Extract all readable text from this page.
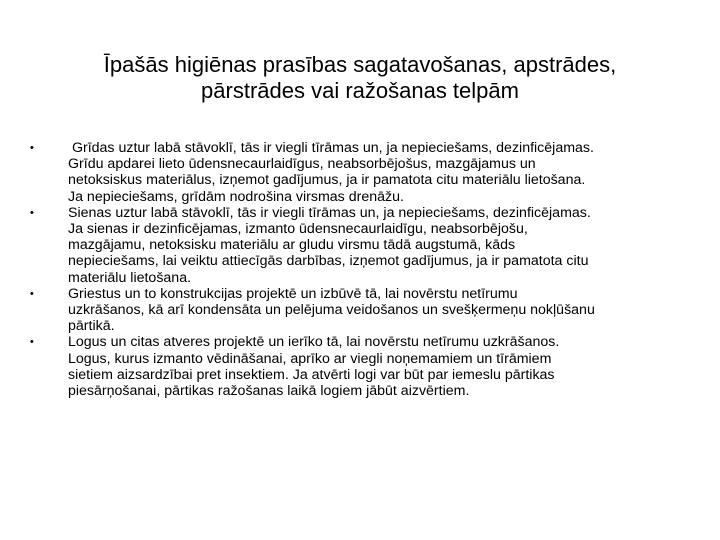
Īpašās higiēnas prasības sagatavošanas, apstrādes,
pārstrādes vai ražošanas telpām
•	Grīdas uztur labā stāvoklī, tās ir viegli tīrāmas un, ja nepieciešams, dezinficējamas.
Grīdu apdarei lieto ūdensnecaurlaidīgus, neabsorbējošus, mazgājamus un
netoksiskus materiālus, izņemot gadījumus, ja ir pamatota citu materiālu lietošana.
Ja nepieciešams, grīdām nodrošina virsmas drenāžu.
•	Sienas uztur labā stāvoklī, tās ir viegli tīrāmas un, ja nepieciešams, dezinficējamas.
Ja sienas ir dezinficējamas, izmanto ūdensnecaurlaidīgu, neabsorbējošu,
mazgājamu, netoksisku materiālu ar gludu virsmu tādā augstumā, kāds
nepieciešams, lai veiktu attiecīgās darbības, izņemot gadījumus, ja ir pamatota citu
materiālu lietošana.
•	Griestus un to konstrukcijas projektē un izbūvē tā, lai novērstu netīrumu
uzkrāšanos, kā arī kondensāta un pelējuma veidošanos un svešķermeņu nokļūšanu
pārtikā.
•	Logus un citas atveres projektē un ierīko tā, lai novērstu netīrumu uzkrāšanos.
Logus, kurus izmanto vēdināšanai, aprīko ar viegli noņemamiem un tīrāmiem
sietiem aizsardzībai pret insektiem. Ja atvērti logi var būt par iemeslu pārtikas
piesārņošanai, pārtikas ražošanas laikā logiem jābūt aizvērtiem.
